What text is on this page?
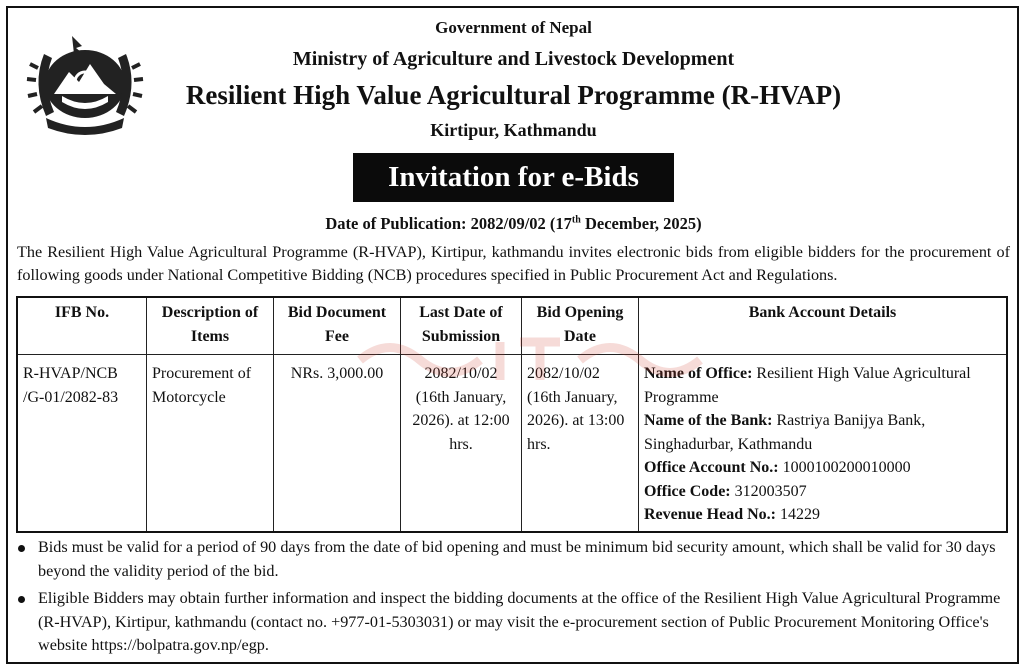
Government of Nepal
Ministry of Agriculture and Livestock Development
Resilient High Value Agricultural Programme (R-HVAP)
Kirtipur, Kathmandu
Invitation for e-Bids
Date of Publication: 2082/09/02 (17th December, 2025)
The Resilient High Value Agricultural Programme (R-HVAP), Kirtipur, kathmandu invites electronic bids from eligible bidders for the procurement of following goods under National Competitive Bidding (NCB) procedures specified in Public Procurement Act and Regulations.
IFB No.	Description of Items	Bid Document Fee	Last Date of Submission	Bid Opening Date	Bank Account Details
R-HVAP/NCB /G-01/2082-83	Procurement of Motorcycle	NRs. 3,000.00	2082/10/02 (16th January, 2026). at 12:00 hrs.	2082/10/02 (16th January, 2026). at 13:00 hrs.	Name of Office: Resilient High Value Agricultural Programme
Name of the Bank: Rastriya Banijya Bank, Singhadurbar, Kathmandu
Office Account No.: 1000100200010000
Office Code: 312003507
Revenue Head No.: 14229
Bids must be valid for a period of 90 days from the date of bid opening and must be minimum bid security amount, which shall be valid for 30 days beyond the validity period of the bid.
Eligible Bidders may obtain further information and inspect the bidding documents at the office of the Resilient High Value Agricultural Programme (R-HVAP), Kirtipur, kathmandu (contact no. +977-01-5303031) or may visit the e-procurement section of Public Procurement Monitoring Office's website https://bolpatra.gov.np/egp.
